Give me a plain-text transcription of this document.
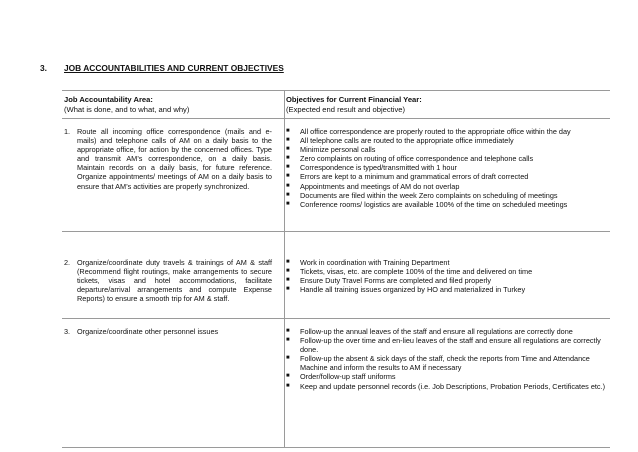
3. JOB ACCOUNTABILITIES AND CURRENT OBJECTIVES
Job Accountability Area:
(What is done, and to what, and why)
Objectives for Current Financial Year:
(Expected end result and objective)
1. Route all incoming office correspondence (mails and e-mails) and telephone calls of AM on a daily basis to the appropriate office, for action by the concerned offices. Type and transmit AM’s correspondence, on a daily basis. Maintain records on a daily basis, for future reference. Organize appointments/ meetings of AM on a daily basis to ensure that AM’s activities are properly synchronized.
■	All office correspondence are properly routed to the appropriate office within the day
■	All telephone calls are routed to the appropriate office immediately
■	Minimize personal calls
■	Zero complaints on routing of office correspondence and telephone calls
■	Correspondence is typed/transmitted with 1 hour
■	Errors are kept to a minimum and grammatical errors of draft corrected
■	Appointments and meetings of AM do not overlap
■	Documents are filed within the week Zero complaints on scheduling of meetings
■	Conference rooms/ logistics are available 100% of the time on scheduled meetings
2. Organize/coordinate duty travels & trainings of AM & staff (Recommend flight routings, make arrangements to secure tickets, visas and hotel accommodations, facilitate departure/arrival arrangements and compute Expense Reports) to ensure a smooth trip for AM & staff.
■	Work in coordination with Training Department
■	Tickets, visas, etc. are complete 100% of the time and delivered on time
■	Ensure Duty Travel Forms are completed and filed properly
■	Handle all training issues organized by HO and materialized in Turkey
3. Organize/coordinate other personnel issues	■	Follow-up the annual leaves of the staff and ensure all regulations are correctly done
■	Follow-up the over time and en-lieu leaves of the staff and ensure all regulations are correctly done.
■	Follow-up the absent & sick days of the staff, check the reports from Time and Attendance Machine and inform the results to AM if necessary
■	Order/follow-up staff uniforms
■	Keep and update personnel records (i.e. Job Descriptions, Probation Periods, Certificates etc.)
